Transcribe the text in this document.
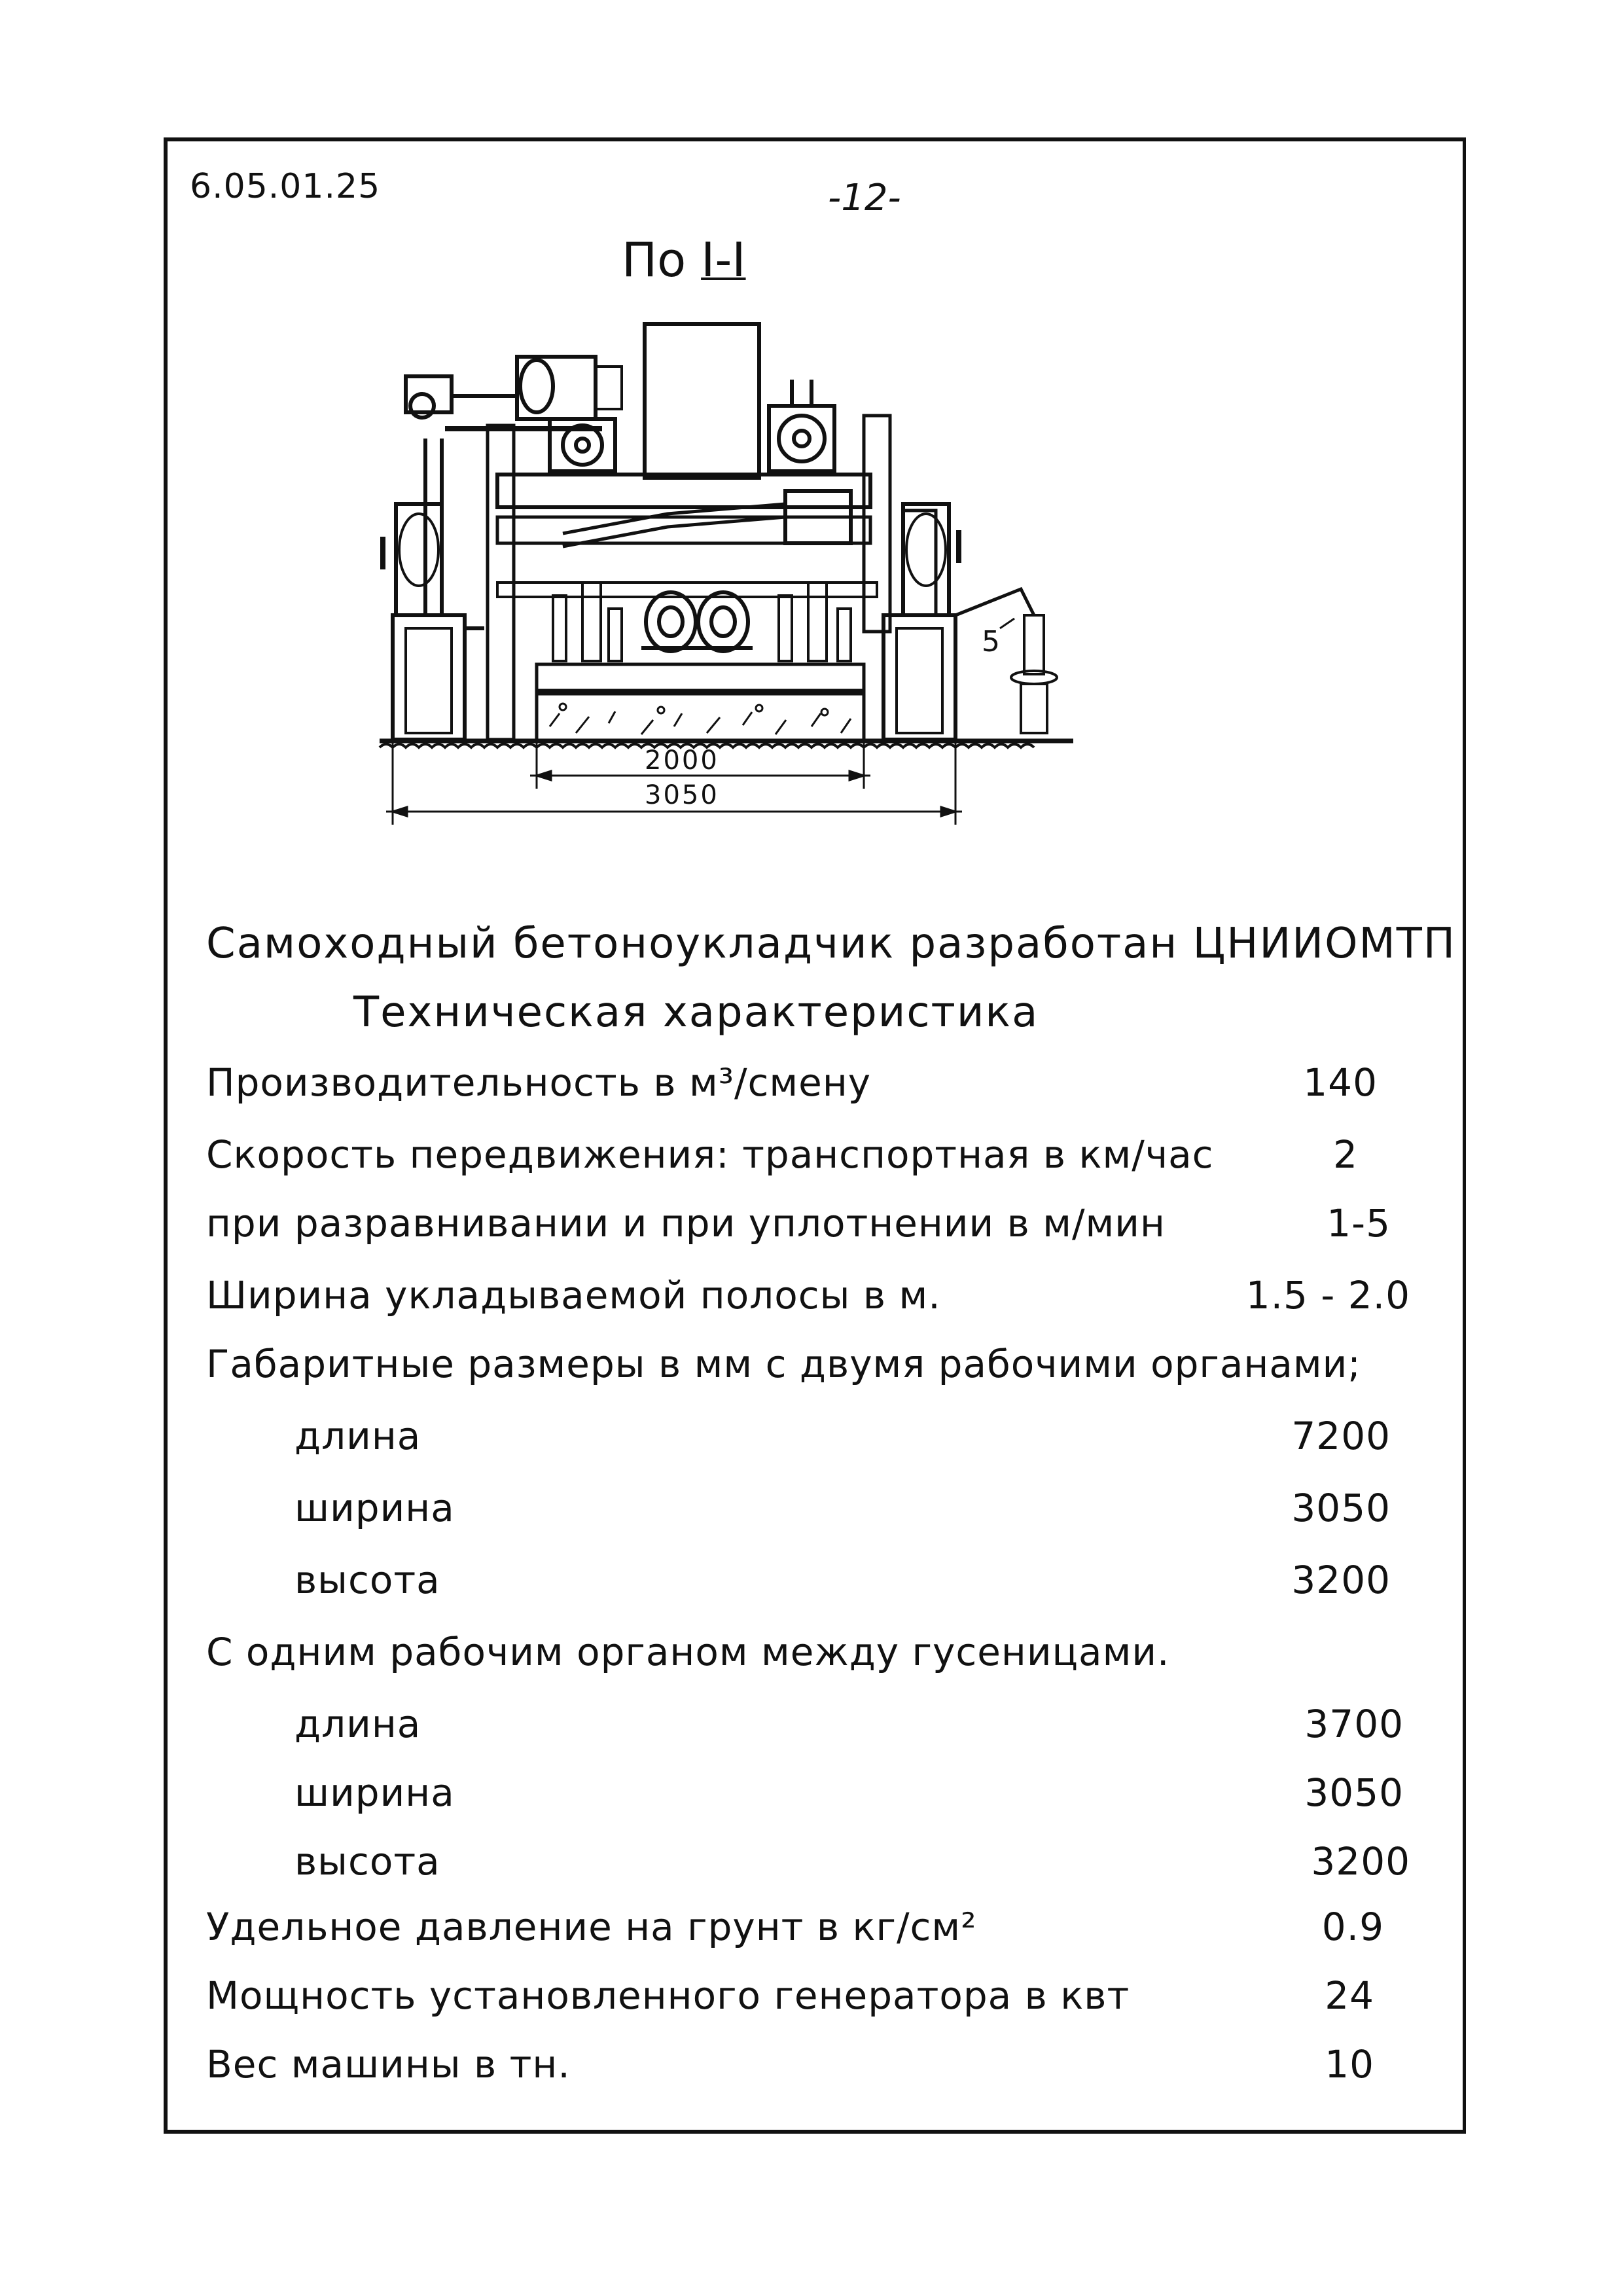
6.05.01.25	-12-
По I-I
5
2000
3050
Самоходный бетоноукладчик разработан ЦНИИОМТП
Техническая характеристика
Производительность в м³/смену	140
Скорость передвижения: транспортная в км/час	2
при разравнивании и при уплотнении в м/мин	1-5
Ширина укладываемой полосы в м.	1.5 - 2.0
Габаритные размеры в мм с двумя рабочими органами;
длина	7200
ширина	3050
высота	3200
С одним рабочим органом между гусеницами.
длина	3700
ширина	3050
высота	3200
Удельное давление на грунт в кг/см²	0.9
Мощность установленного генератора в квт	24
Вес машины в тн.	10
